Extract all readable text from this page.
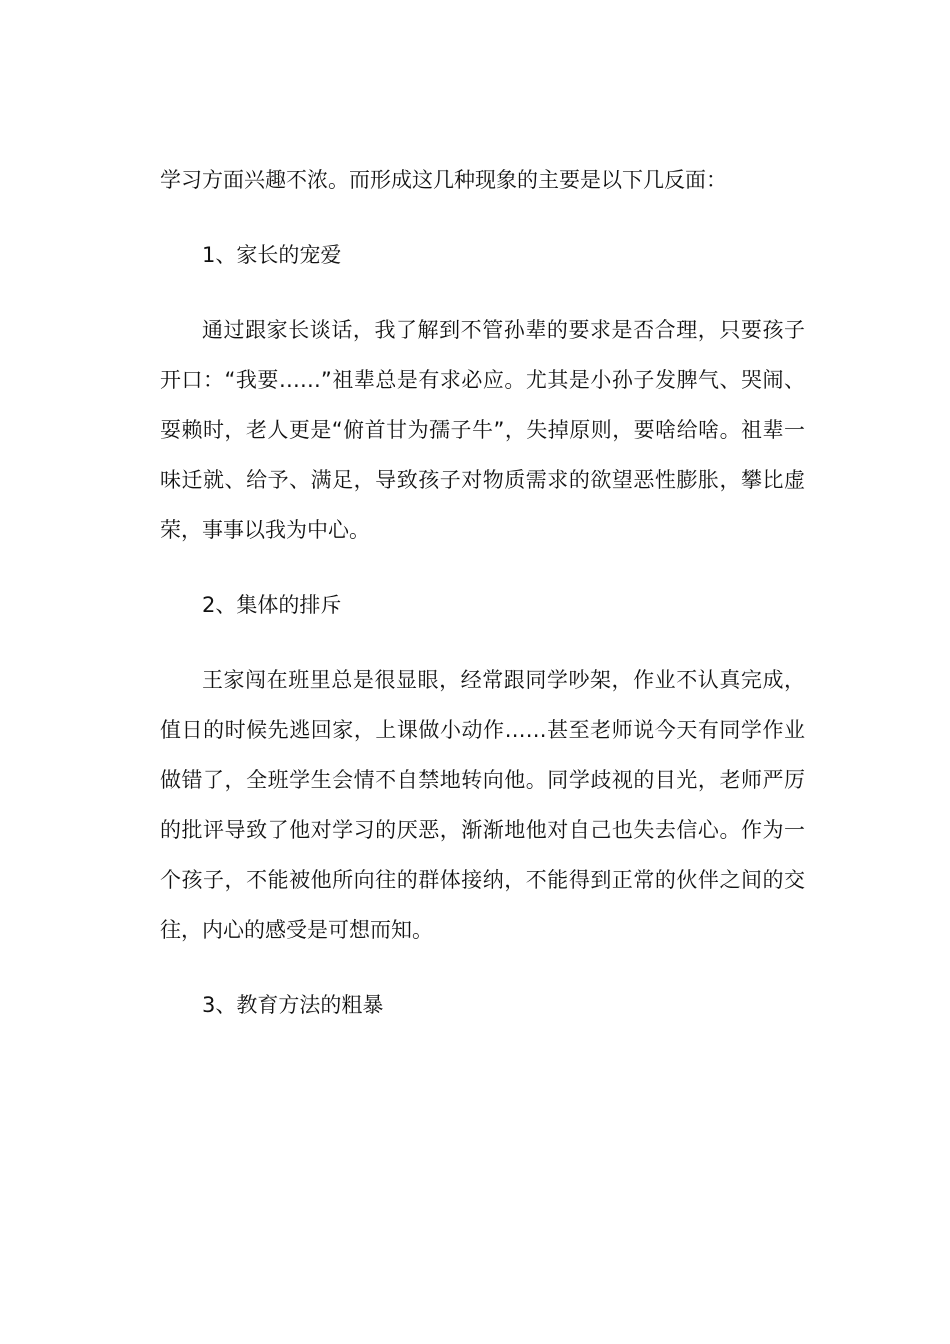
学习方面兴趣不浓。而形成这几种现象的主要是以下几反面：

1、家长的宠爱

通过跟家长谈话，我了解到不管孙辈的要求是否合理，只要孩子开口：“我要……”祖辈总是有求必应。尤其是小孙子发脾气、哭闹、耍赖时，老人更是“俯首甘为孺子牛”，失掉原则，要啥给啥。祖辈一味迁就、给予、满足，导致孩子对物质需求的欲望恶性膨胀，攀比虚荣，事事以我为中心。

2、集体的排斥

王家闯在班里总是很显眼，经常跟同学吵架，作业不认真完成，值日的时候先逃回家，上课做小动作……甚至老师说今天有同学作业做错了，全班学生会情不自禁地转向他。同学歧视的目光，老师严厉的批评导致了他对学习的厌恶，渐渐地他对自己也失去信心。作为一个孩子，不能被他所向往的群体接纳，不能得到正常的伙伴之间的交往，内心的感受是可想而知。

3、教育方法的粗暴
